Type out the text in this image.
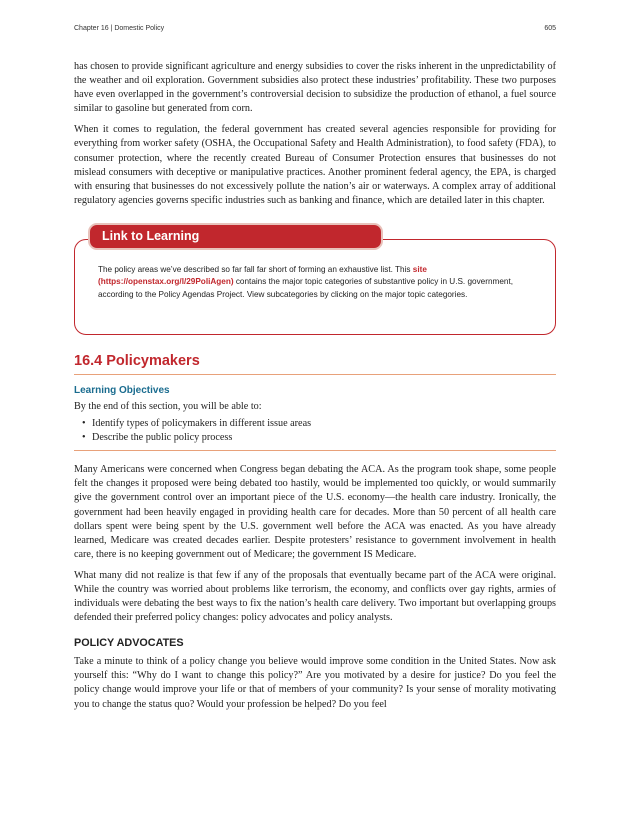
Chapter 16 | Domestic Policy	605

has chosen to provide significant agriculture and energy subsidies to cover the risks inherent in the unpredictability of the weather and oil exploration. Government subsidies also protect these industries’ profitability. These two purposes have even overlapped in the government’s controversial decision to subsidize the production of ethanol, a fuel source similar to gasoline but generated from corn.

When it comes to regulation, the federal government has created several agencies responsible for providing for everything from worker safety (OSHA, the Occupational Safety and Health Administration), to food safety (FDA), to consumer protection, where the recently created Bureau of Consumer Protection ensures that businesses do not mislead consumers with deceptive or manipulative practices. Another prominent federal agency, the EPA, is charged with ensuring that businesses do not excessively pollute the nation’s air or waterways. A complex array of additional regulatory agencies governs specific industries such as banking and finance, which are detailed later in this chapter.

Link to Learning
The policy areas we’ve described so far fall far short of forming an exhaustive list. This site (https://openstax.org/l/29PoliAgen) contains the major topic categories of substantive policy in U.S. government, according to the Policy Agendas Project. View subcategories by clicking on the major topic categories.
16.4 Policymakers
Learning Objectives

By the end of this section, you will be able to:

• Identify types of policymakers in different issue areas
• Describe the public policy process

Many Americans were concerned when Congress began debating the ACA. As the program took shape, some people felt the changes it proposed were being debated too hastily, would be implemented too quickly, or would summarily give the government control over an important piece of the U.S. economy—the health care industry. Ironically, the government had been heavily engaged in providing health care for decades. More than 50 percent of all health care dollars spent were being spent by the U.S. government well before the ACA was enacted. As you have already learned, Medicare was created decades earlier. Despite protesters’ resistance to government involvement in health care, there is no keeping government out of Medicare; the government IS Medicare.

What many did not realize is that few if any of the proposals that eventually became part of the ACA were original. While the country was worried about problems like terrorism, the economy, and conflicts over gay rights, armies of individuals were debating the best ways to fix the nation’s health care delivery. Two important but overlapping groups defended their preferred policy changes: policy advocates and policy analysts.

POLICY ADVOCATES

Take a minute to think of a policy change you believe would improve some condition in the United States. Now ask yourself this: “Why do I want to change this policy?” Are you motivated by a desire for justice? Do you feel the policy change would improve your life or that of members of your community? Is your sense of morality motivating you to change the status quo? Would your profession be helped? Do you feel
